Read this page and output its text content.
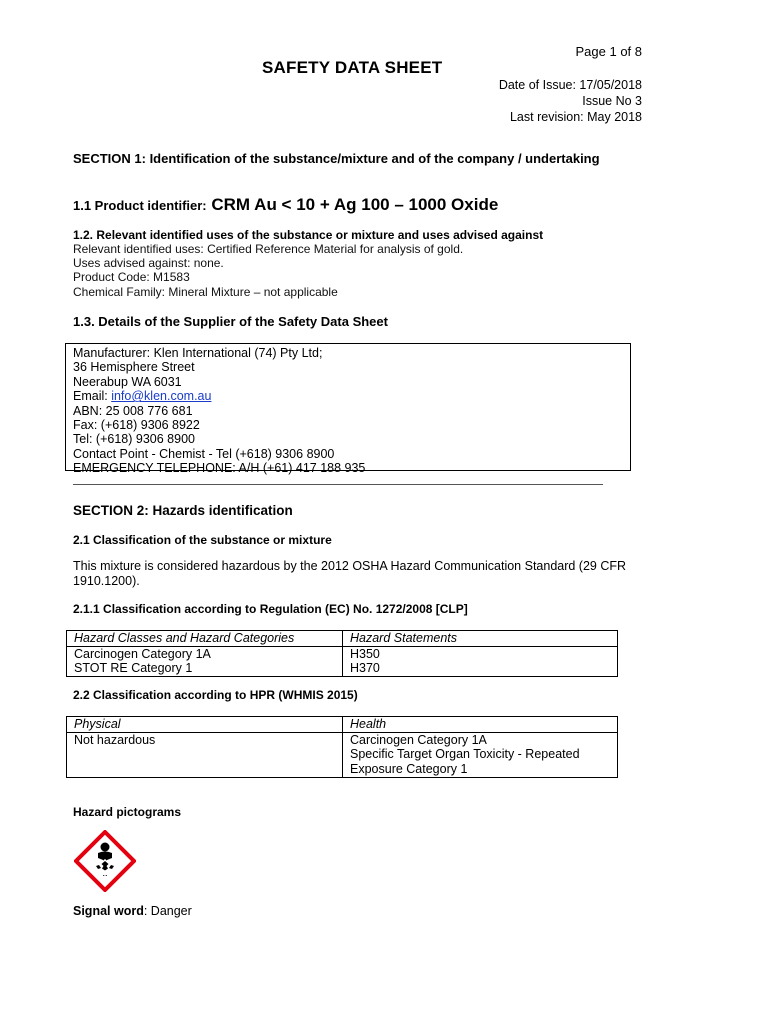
Page 1 of 8
SAFETY DATA SHEET
Date of Issue: 17/05/2018
Issue No 3
Last revision: May 2018
SECTION 1: Identification of the substance/mixture and of the company / undertaking
1.1 Product identifier: CRM Au < 10 + Ag 100 – 1000 Oxide
1.2. Relevant identified uses of the substance or mixture and uses advised against
Relevant identified uses: Certified Reference Material for analysis of gold.
Uses advised against: none.
Product Code: M1583
Chemical Family: Mineral Mixture – not applicable
1.3. Details of the Supplier of the Safety Data Sheet
Manufacturer: Klen International (74) Pty Ltd;
36 Hemisphere Street
Neerabup WA 6031
Email: info@klen.com.au
ABN: 25 008 776 681
Fax: (+618) 9306 8922
Tel: (+618) 9306 8900
Contact Point - Chemist - Tel (+618) 9306 8900
EMERGENCY TELEPHONE: A/H (+61) 417 188 935
SECTION 2: Hazards identification
2.1 Classification of the substance or mixture
This mixture is considered hazardous by the 2012 OSHA Hazard Communication Standard (29 CFR 1910.1200).
2.1.1 Classification according to Regulation (EC) No. 1272/2008 [CLP]
Hazard Classes and Hazard Categories	Hazard Statements
Carcinogen Category 1A	H350
STOT RE Category 1	H370
2.2 Classification according to HPR (WHMIS 2015)
Physical	Health
Not hazardous	Carcinogen Category 1A
Specific Target Organ Toxicity - Repeated
Exposure Category 1
Hazard pictograms
Signal word: Danger
